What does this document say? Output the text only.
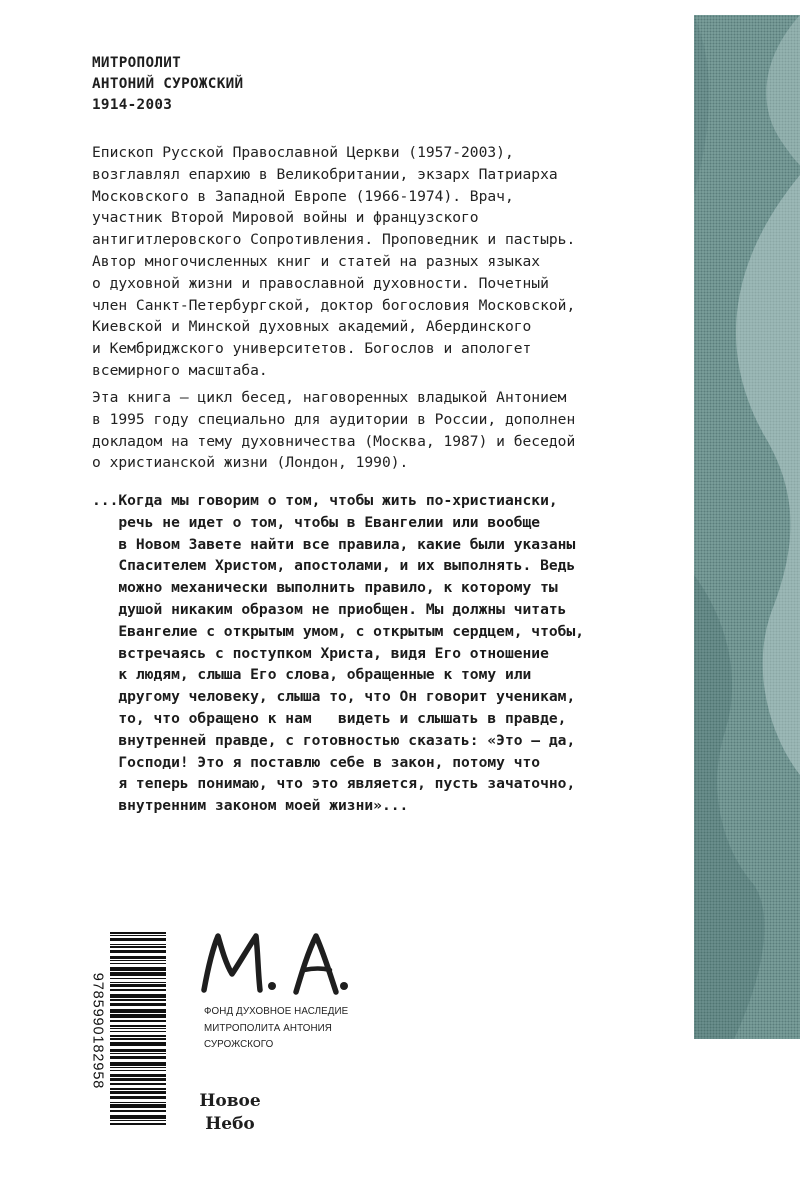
МИТРОПОЛИТ
АНТОНИЙ СУРОЖСКИЙ
1914-2003
Епископ Русской Православной Церкви (1957-2003),
возглавлял епархию в Великобритании, экзарх Патриарха
Московского в Западной Европе (1966-1974). Врач,
участник Второй Мировой войны и французского
антигитлеровского Сопротивления. Проповедник и пастырь.
Автор многочисленных книг и статей на разных языках
о духовной жизни и православной духовности. Почетный
член Санкт-Петербургской, доктор богословия Московской,
Киевской и Минской духовных академий, Абердинского
и Кембриджского университетов. Богослов и апологет
всемирного масштаба.
Эта книга — цикл бесед, наговоренных владыкой Антонием
в 1995 году специально для аудитории в России, дополнен
докладом на тему духовничества (Москва, 1987) и беседой
о христианской жизни (Лондон, 1990).
...Когда мы говорим о том, чтобы жить по-христиански,
речь не идет о том, чтобы в Евангелии или вообще
в Новом Завете найти все правила, какие были указаны
Спасителем Христом, апостолами, и их выполнять. Ведь
можно механически выполнить правило, к которому ты
душой никаким образом не приобщен. Мы должны читать
Евангелие с открытым умом, с открытым сердцем, чтобы,
встречаясь с поступком Христа, видя Его отношение
к людям, слыша Его слова, обращенные к тому или
другому человеку, слыша то, что Он говорит ученикам,
то, что обращено к нам   видеть и слышать в правде,
внутренней правде, с готовностью сказать: «Это — да,
Господи! Это я поставлю себе в закон, потому что
я теперь понимаю, что это является, пусть зачаточно,
внутренним законом моей жизни»...
9785990182958	ФОНД ДУХОВНОЕ НАСЛЕДИЕ
МИТРОПОЛИТА АНТОНИЯ
СУРОЖСКОГО
Новое
Небо
